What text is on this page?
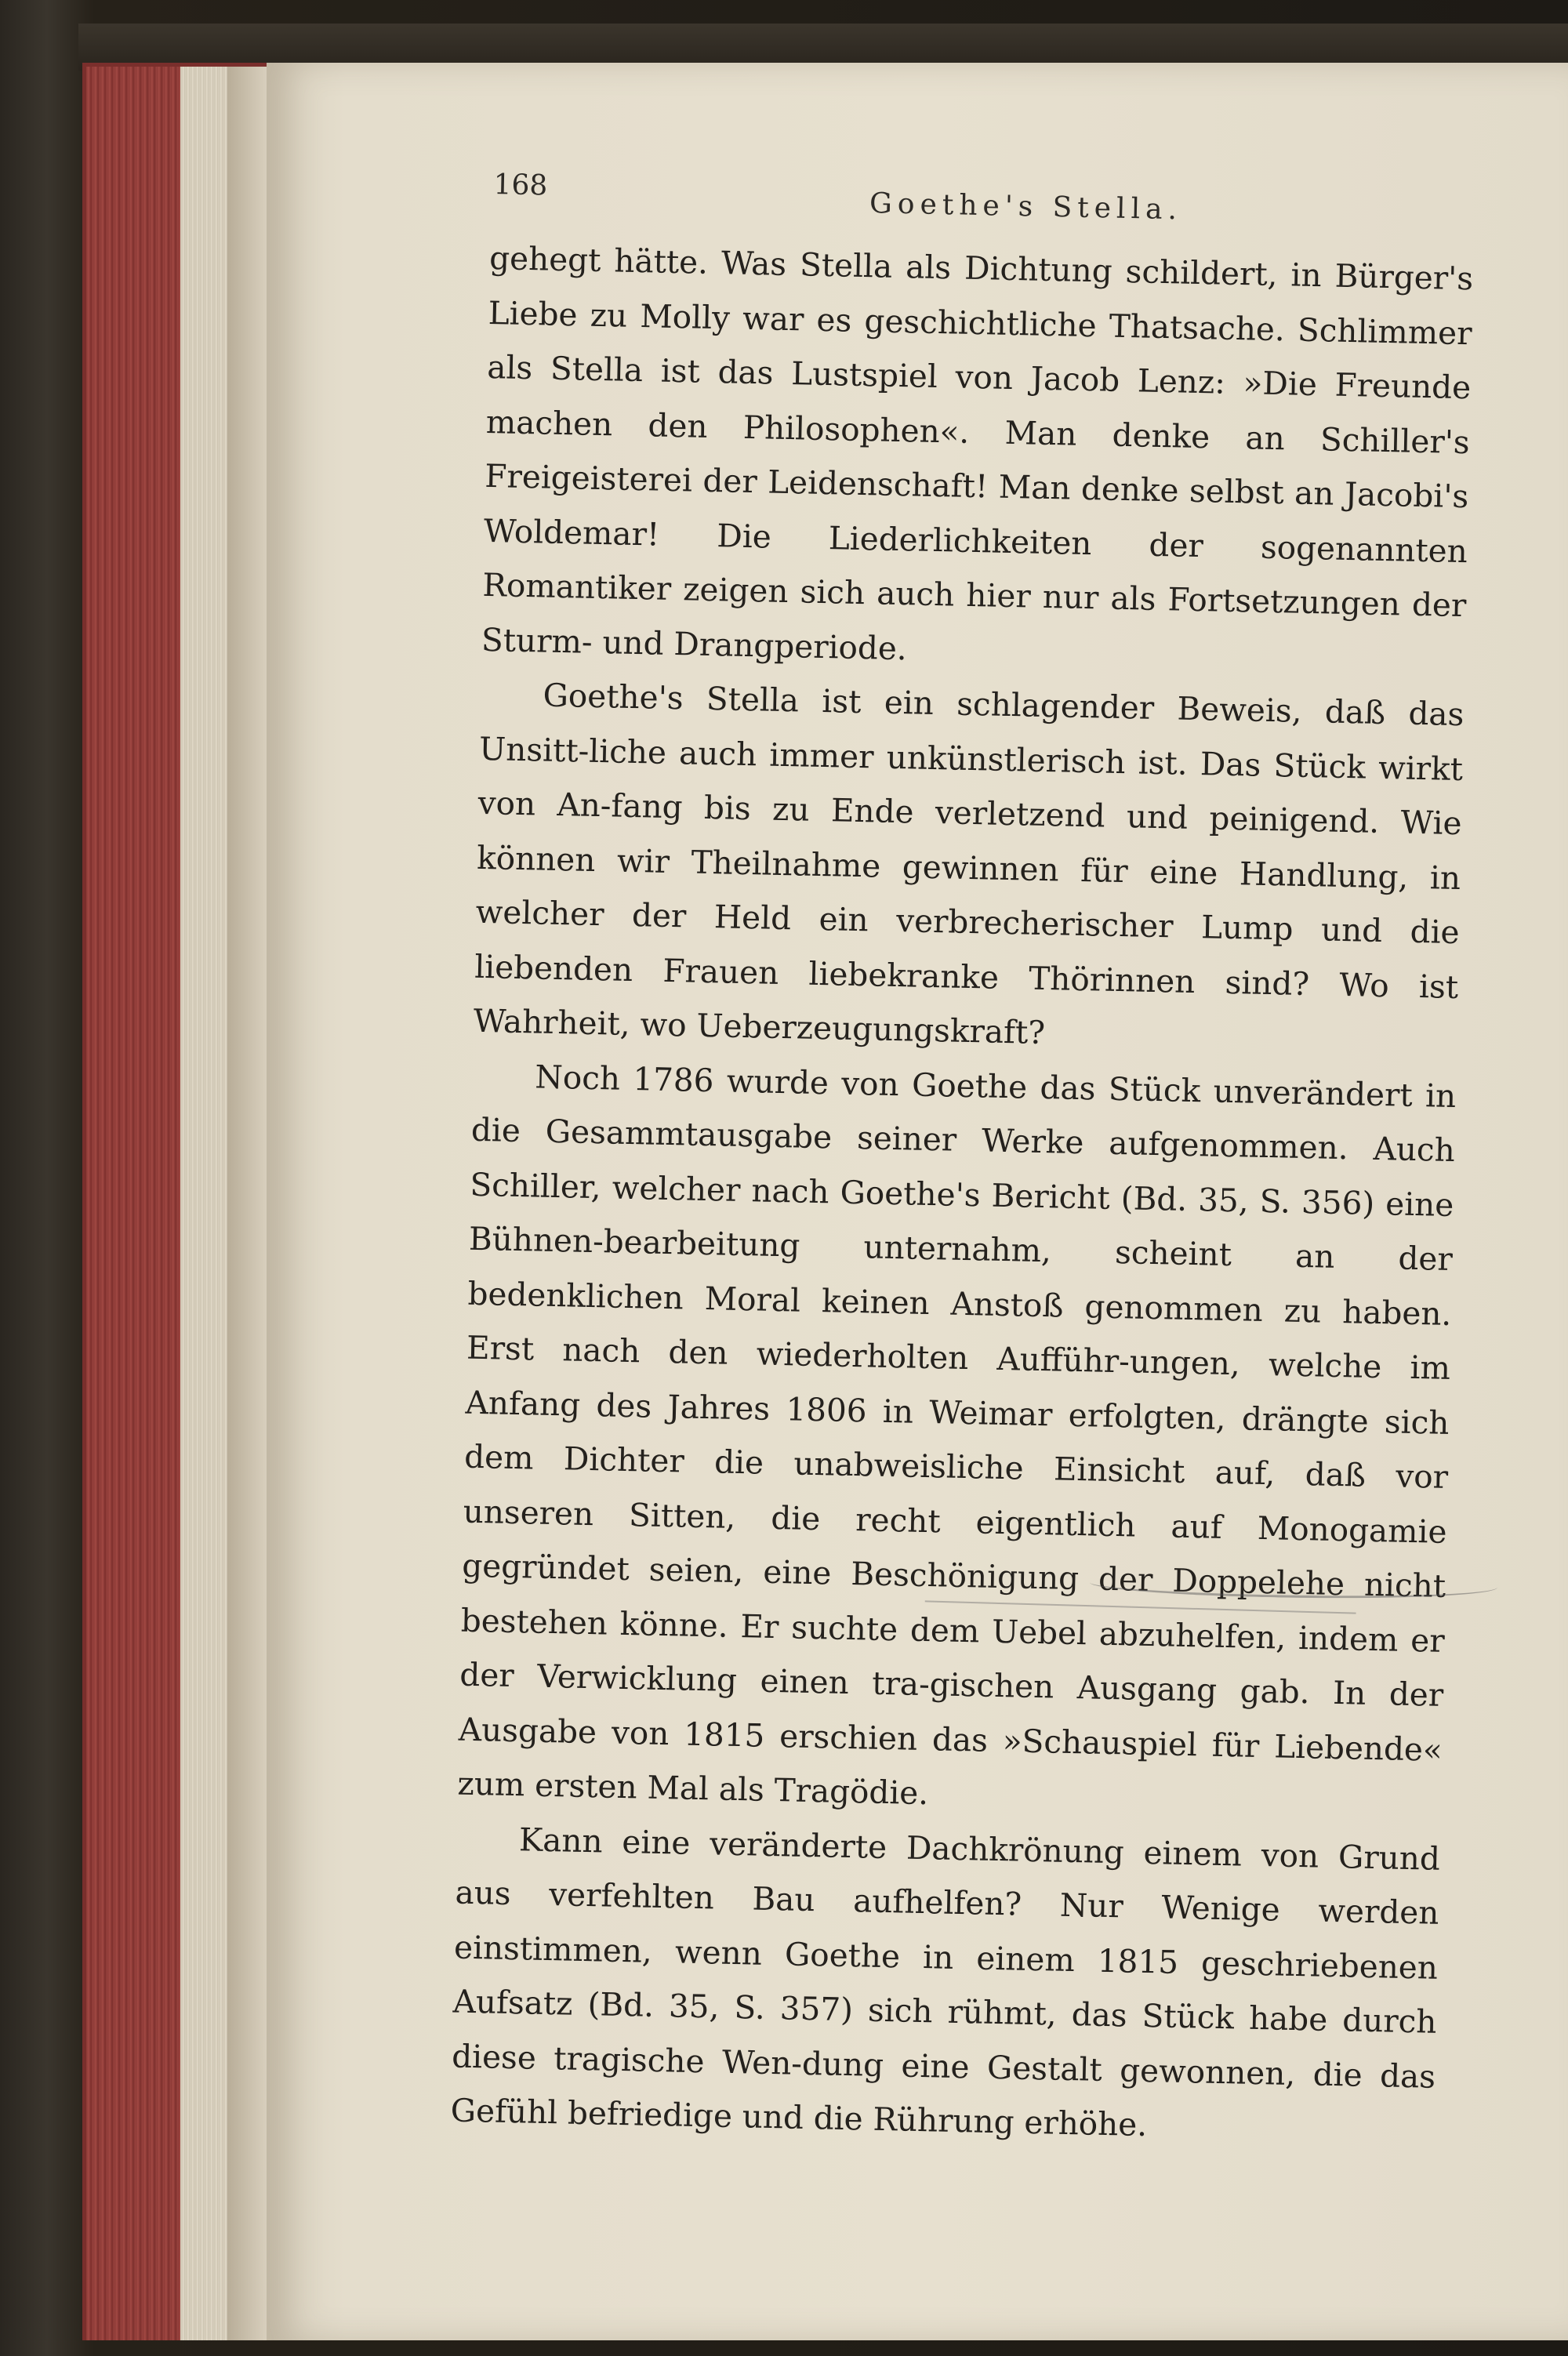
168
Goethe's Stella.

gehegt hätte. Was Stella als Dichtung schildert, in Bürger's Liebe zu Molly war es geschichtliche Thatsache. Schlimmer als Stella ist das Lustspiel von Jacob Lenz: »Die Freunde machen den Philosophen«. Man denke an Schiller's Freigeisterei der Leidenschaft! Man denke selbst an Jacobi's Woldemar! Die Liederlichkeiten der sogenannten Romantiker zeigen sich auch hier nur als Fortsetzungen der Sturm- und Drangperiode.

Goethe's Stella ist ein schlagender Beweis, daß das Unsitt-liche auch immer unkünstlerisch ist. Das Stück wirkt von An-fang bis zu Ende verletzend und peinigend. Wie können wir Theilnahme gewinnen für eine Handlung, in welcher der Held ein verbrecherischer Lump und die liebenden Frauen liebekranke Thörinnen sind? Wo ist Wahrheit, wo Ueberzeugungskraft?

Noch 1786 wurde von Goethe das Stück unverändert in die Gesammtausgabe seiner Werke aufgenommen. Auch Schiller, welcher nach Goethe's Bericht (Bd. 35, S. 356) eine Bühnen-bearbeitung unternahm, scheint an der bedenklichen Moral keinen Anstoß genommen zu haben. Erst nach den wiederholten Aufführ-ungen, welche im Anfang des Jahres 1806 in Weimar erfolgten, drängte sich dem Dichter die unabweisliche Einsicht auf, daß vor unseren Sitten, die recht eigentlich auf Monogamie gegründet seien, eine Beschönigung der Doppelehe nicht bestehen könne. Er suchte dem Uebel abzuhelfen, indem er der Verwicklung einen tra-gischen Ausgang gab. In der Ausgabe von 1815 erschien das »Schauspiel für Liebende« zum ersten Mal als Tragödie.

Kann eine veränderte Dachkrönung einem von Grund aus verfehlten Bau aufhelfen? Nur Wenige werden einstimmen, wenn Goethe in einem 1815 geschriebenen Aufsatz (Bd. 35, S. 357) sich rühmt, das Stück habe durch diese tragische Wen-dung eine Gestalt gewonnen, die das Gefühl befriedige und die Rührung erhöhe.
